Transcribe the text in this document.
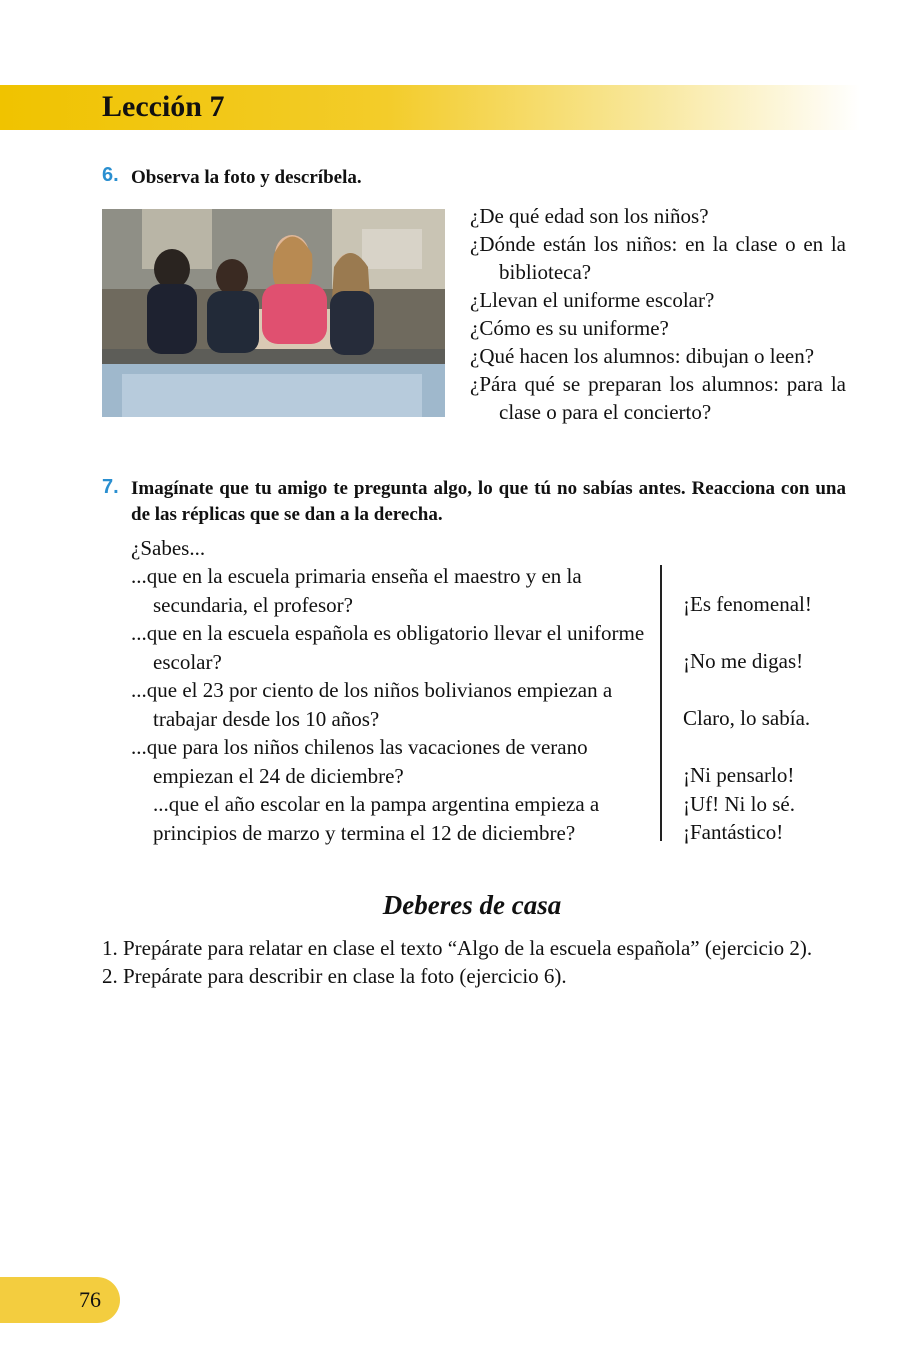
Lección 7
6. Observa la foto y descríbela.
¿De qué edad son los niños?
¿Dónde están los niños: en la clase o en la biblioteca?
¿Llevan el uniforme escolar?
¿Cómo es su uniforme?
¿Qué hacen los alumnos: dibujan o leen?
¿Pára qué se preparan los alumnos: para la clase o para el concierto?
7. Imagínate que tu amigo te pregunta algo, lo que tú no sabías antes. Reacciona con una de las réplicas que se dan a la derecha.
¿Sabes...
...que en la escuela primaria enseña el maestro y en la secundaria, el profesor?
...que en la escuela española es obligatorio llevar el uniforme escolar?
...que el 23 por ciento de los niños bolivianos empiezan a trabajar desde los 10 años?
...que para los niños chilenos las vacaciones de verano empiezan el 24 de diciembre?
...que el año escolar en la pampa argentina empieza a principios de marzo y termina el 12 de diciembre?
¡Es fenomenal!
¡No me digas!
Claro, lo sabía.
¡Ni pensarlo!
¡Uf! Ni lo sé.
¡Fantástico!
Deberes de casa
1. Prepárate para relatar en clase el texto “Algo de la escuela española” (ejercicio 2).
2. Prepárate para describir en clase la foto (ejercicio 6).
76
